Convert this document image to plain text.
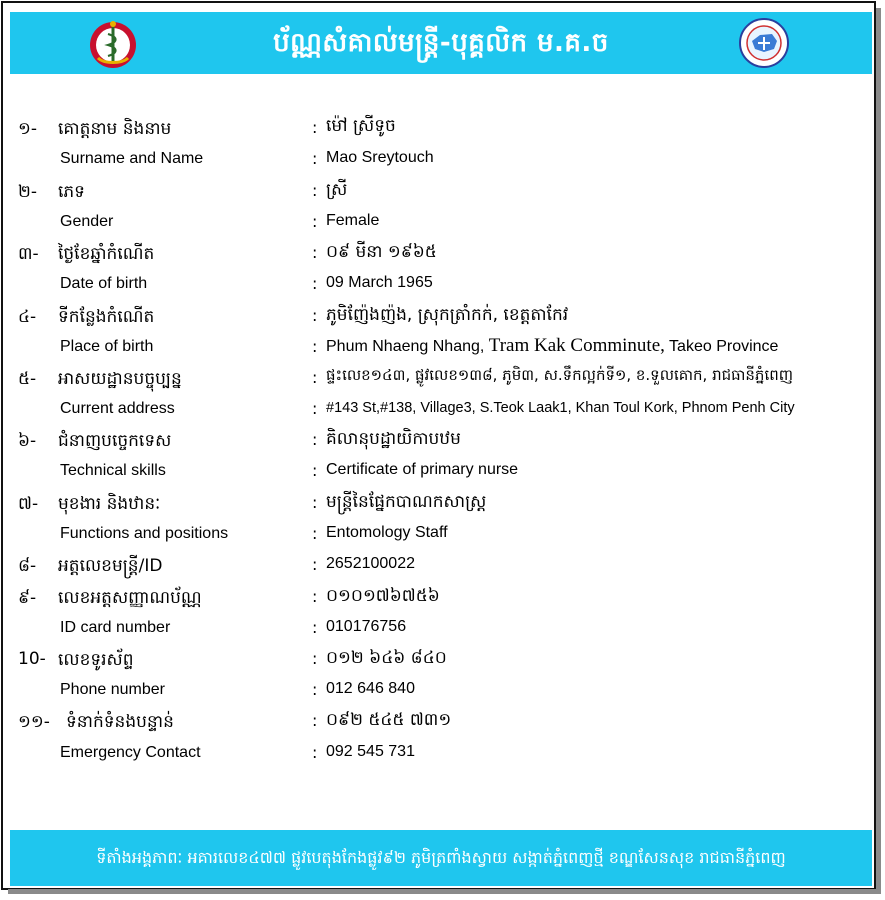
ប័ណ្ណសំគាល់មន្ត្រី-បុគ្គលិក ម.គ.ច
១- គោត្តនាម និងនាម	: ម៉ៅ ស្រីទូច
Surname and Name	: Mao Sreytouch
២- ភេទ	: ស្រី
Gender	: Female
៣- ថ្ងៃខែឆ្នាំកំណើត	: ០៩ មីនា ១៩៦៥
Date of birth	: 09 March 1965
៤- ទីកន្លែងកំណើត	: ភូមិញ៉ែងញ៉ង, ស្រុកត្រាំកក់, ខេត្តតាកែវ
Place of birth	: Phum Nhaeng Nhang, Tram Kak Comminute, Takeo Province
៥- អាសយដ្ឋានបច្ចុប្បន្ន	: ផ្ទះលេខ១៤៣, ផ្លូវលេខ១៣៨, ភូមិ៣, ស.ទឹកល្អក់ទី១, ខ.ទួលគោក, រាជធានីភ្នំពេញ
Current address	: #143 St,#138, Village3, S.Teok Laak1, Khan Toul Kork, Phnom Penh City
៦- ជំនាញបច្ចេកទេស	: គិលានុបដ្ឋាយិកាបឋម
Technical skills	: Certificate of primary nurse
៧- មុខងារ និងឋានៈ	: មន្ត្រីនៃផ្នែកបាណកសាស្ត្រ
Functions and positions	: Entomology Staff
៨- អត្តលេខមន្ត្រី/ID	: 2652100022
៩- លេខអត្តសញ្ញាណប័ណ្ណ	: ០១០១៧៦៧៥៦
ID card number	: 010176756
10- លេខទូរស័ព្ទ	: ០១២ ៦៤៦ ៨៤០
Phone number	: 012 646 840
១១- ទំនាក់ទំនងបន្ទាន់	: ០៩២ ៥៤៥ ៧៣១
Emergency Contact	: 092 545 731
ទីតាំងអង្គភាពៈ អគារលេខ៤៧៧ ផ្លូវបេតុងកែងផ្លូវ៩២ ភូមិត្រពាំងស្វាយ សង្កាត់ភ្នំពេញថ្មី ខណ្ឌសែនសុខ រាជធានីភ្នំពេញ
